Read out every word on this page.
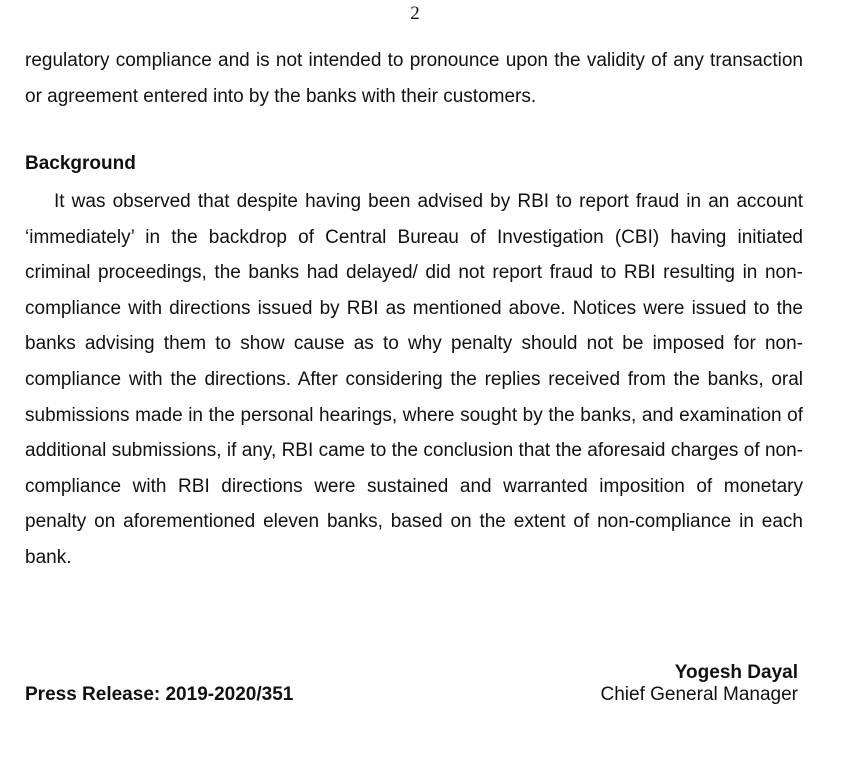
2

regulatory compliance and is not intended to pronounce upon the validity of any transaction or agreement entered into by the banks with their customers.

Background

It was observed that despite having been advised by RBI to report fraud in an account ‘immediately’ in the backdrop of Central Bureau of Investigation (CBI) having initiated criminal proceedings, the banks had delayed/ did not report fraud to RBI resulting in non-compliance with directions issued by RBI as mentioned above. Notices were issued to the banks advising them to show cause as to why penalty should not be imposed for non-compliance with the directions. After considering the replies received from the banks, oral submissions made in the personal hearings, where sought by the banks, and examination of additional submissions, if any, RBI came to the conclusion that the aforesaid charges of non-compliance with RBI directions were sustained and warranted imposition of monetary penalty on aforementioned eleven banks, based on the extent of non-compliance in each bank.

Press Release: 2019-2020/351
Yogesh Dayal
Chief General Manager
